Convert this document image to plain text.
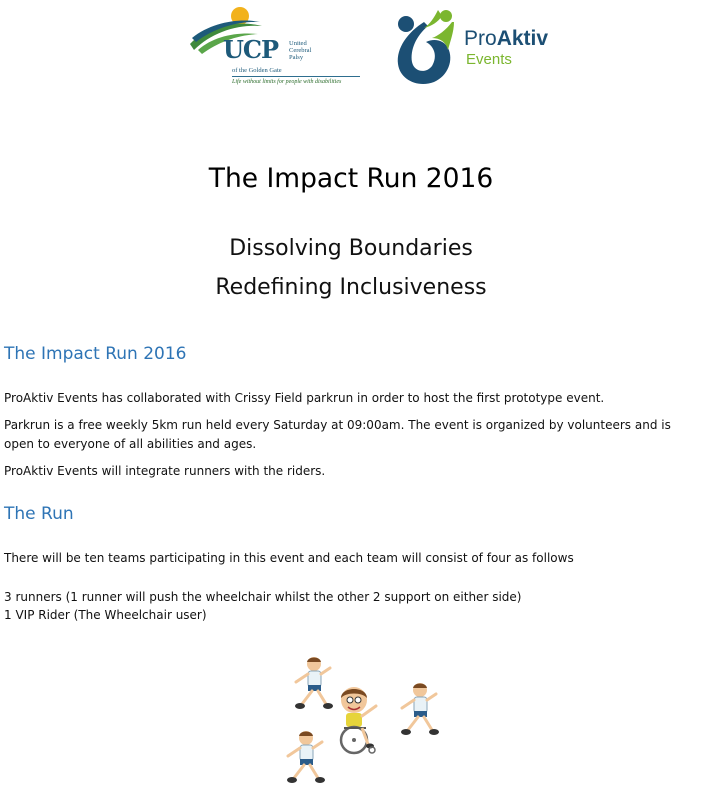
UCP United
Cerebral
Palsy
of the Golden Gate
Life without limits for people with disabilities
ProAktiv
Events
The Impact Run 2016

Dissolving Boundaries

Redefining Inclusiveness

The Impact Run 2016

ProAktiv Events has collaborated with Crissy Field parkrun in order to host the first prototype event.

Parkrun is a free weekly 5km run held every Saturday at 09:00am. The event is organized by volunteers and is open to everyone of all abilities and ages.

ProAktiv Events will integrate runners with the riders.

The Run

There will be ten teams participating in this event and each team will consist of four as follows

3 runners (1 runner will push the wheelchair whilst the other 2 support on either side)

1 VIP Rider (The Wheelchair user)
